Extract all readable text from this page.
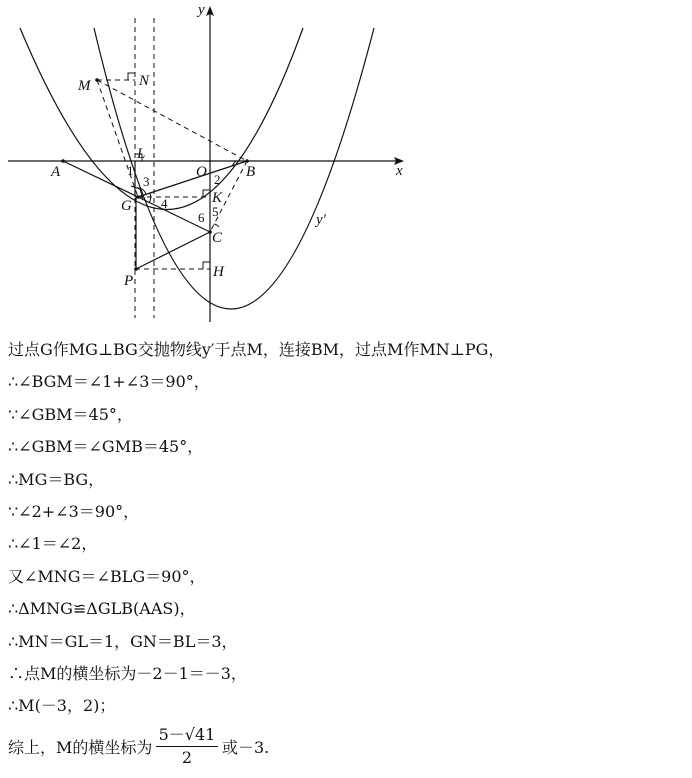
y
x
M	N
L
A	O	B
G	K
C
P
H
y′
1
3	2
4
6 5
过点G作MG⊥BG交抛物线y′于点M，连接BM，过点M作MN⊥PG，
∴∠BGM＝∠1+∠3＝90°，
∵∠GBM＝45°，
∴∠GBM＝∠GMB＝45°，
∴MG＝BG，
∵∠2+∠3＝90°，
∴∠1＝∠2，
又∠MNG＝∠BLG＝90°，
∴ΔMNG≌ΔGLB(AAS)，
∴MN＝GL＝1，GN＝BL＝3，
∴点M的横坐标为－2－1＝－3，
∴M(－3，2)；
综上，M的横坐标为
5－√41
2
或－3.
